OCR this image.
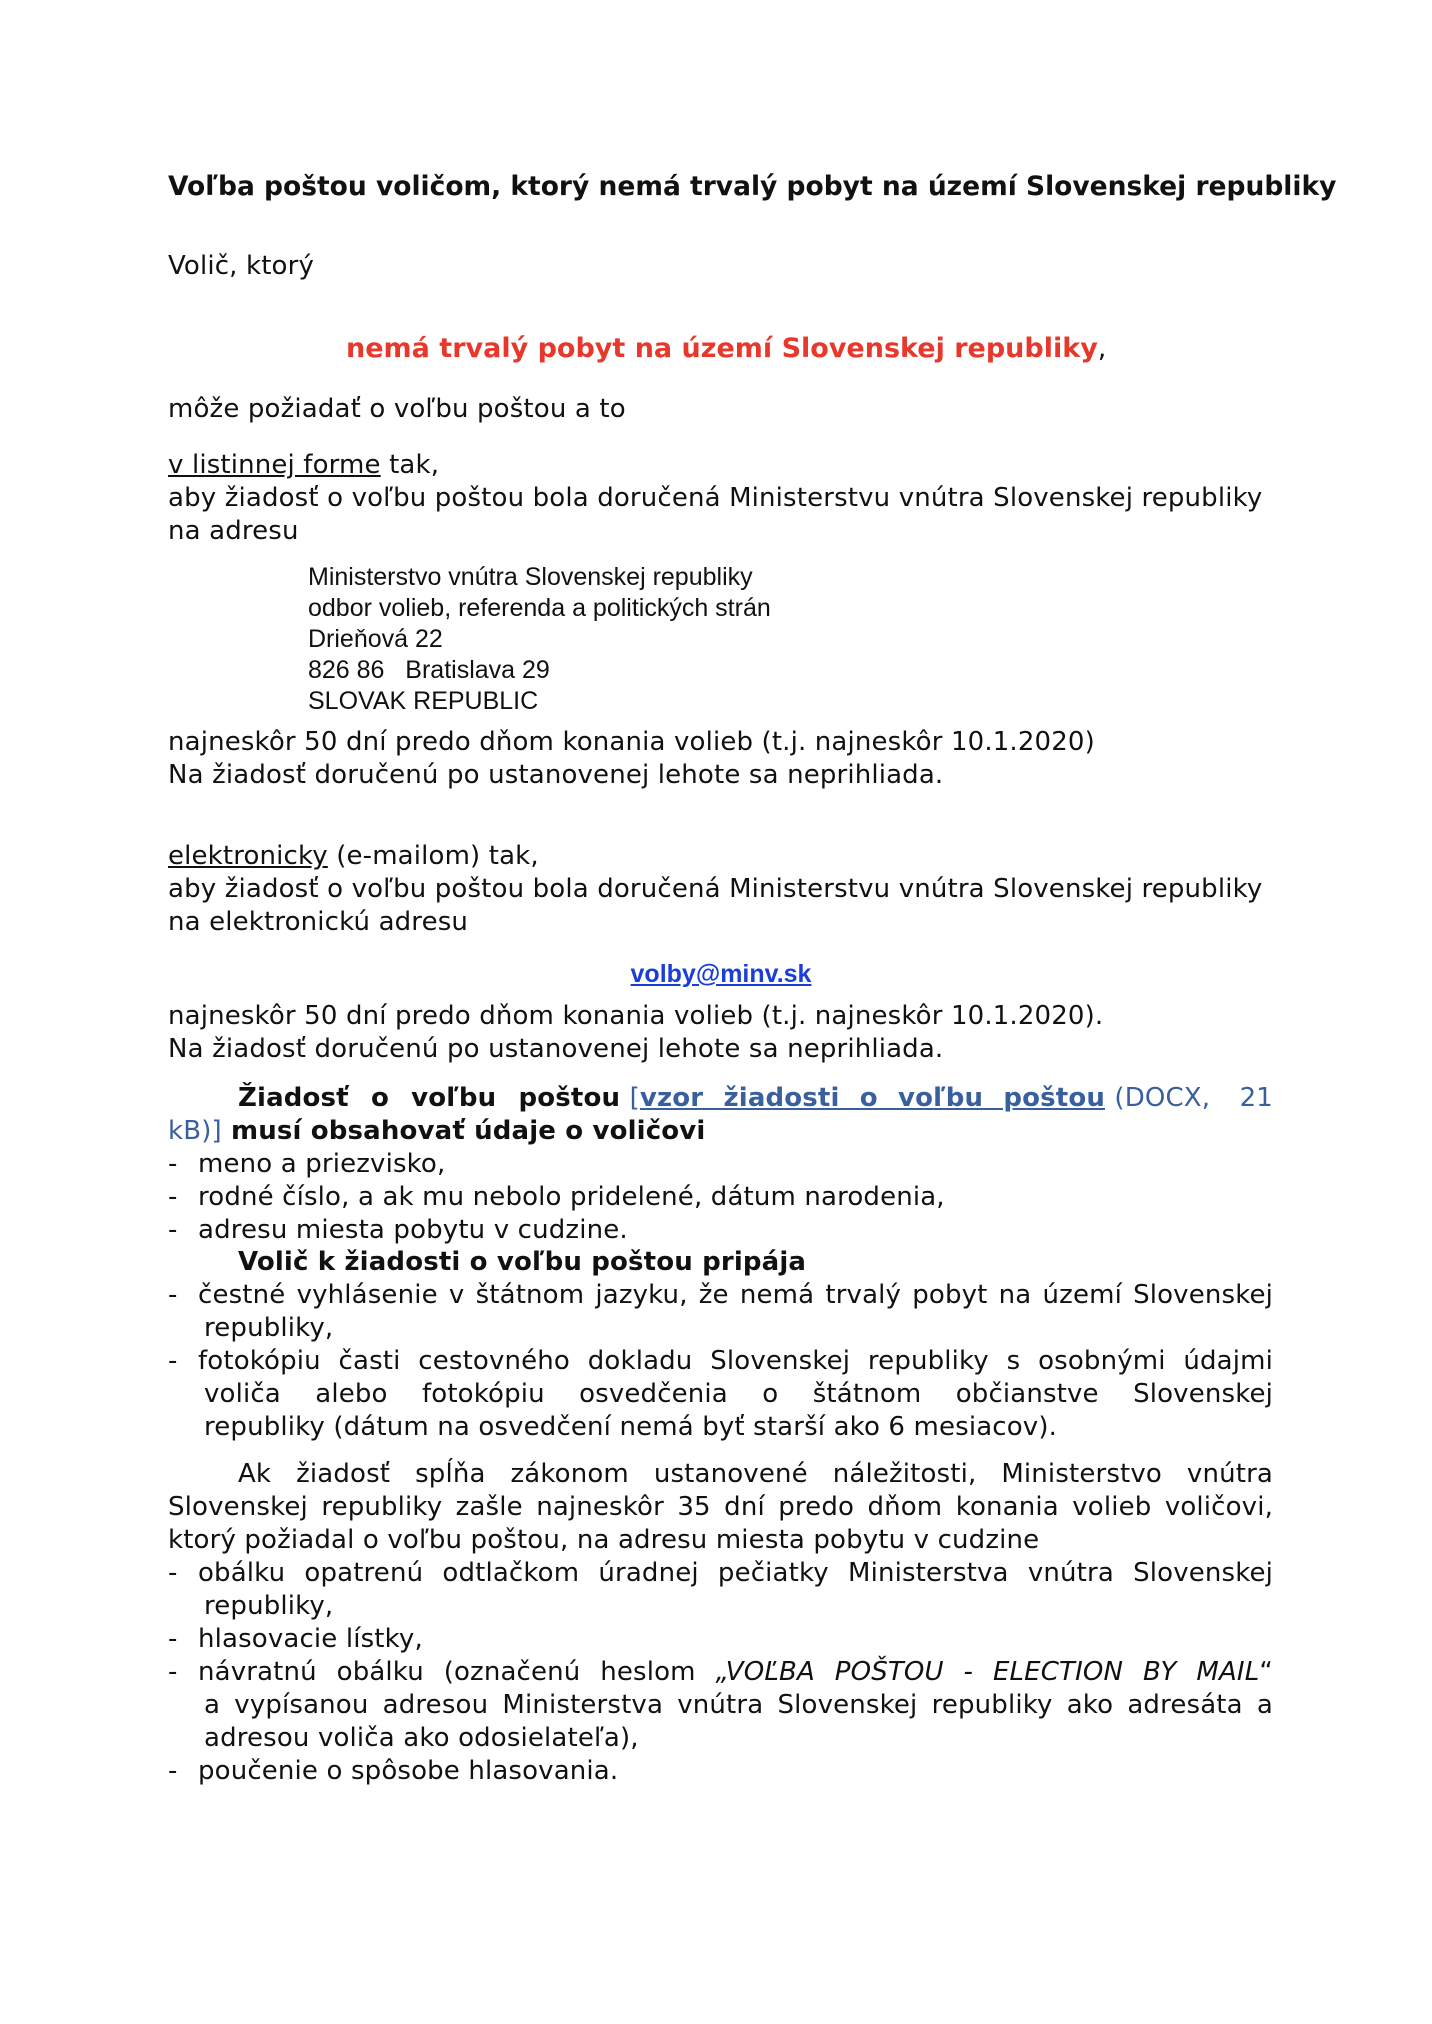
Voľba poštou voličom, ktorý nemá trvalý pobyt na území Slovenskej republiky
Volič, ktorý
nemá trvalý pobyt na území Slovenskej republiky,
môže požiadať o voľbu poštou a to
v listinnej forme tak,
aby žiadosť o voľbu poštou bola doručená Ministerstvu vnútra Slovenskej republiky
na adresu
Ministerstvo vnútra Slovenskej republiky
odbor volieb, referenda a politických strán
Drieňová 22
826 86   Bratislava 29
SLOVAK REPUBLIC
najneskôr 50 dní predo dňom konania volieb (t.j. najneskôr 10.1.2020)
Na žiadosť doručenú po ustanovenej lehote sa neprihliada.
elektronicky (e-mailom) tak,
aby žiadosť o voľbu poštou bola doručená Ministerstvu vnútra Slovenskej republiky
na elektronickú adresu
volby@minv.sk
najneskôr 50 dní predo dňom konania volieb (t.j. najneskôr 10.1.2020).
Na žiadosť doručenú po ustanovenej lehote sa neprihliada.
Žiadosť o voľbu poštou [vzor žiadosti o voľbu poštou (DOCX, 21
kB)] musí obsahovať údaje o voličovi
- meno a priezvisko,
- rodné číslo, a ak mu nebolo pridelené, dátum narodenia,
- adresu miesta pobytu v cudzine.
Volič k žiadosti o voľbu poštou pripája
- čestné vyhlásenie v štátnom jazyku, že nemá trvalý pobyt na území Slovenskej
republiky,
- fotokópiu časti cestovného dokladu Slovenskej republiky s osobnými údajmi
voliča alebo fotokópiu osvedčenia o štátnom občianstve Slovenskej
republiky (dátum na osvedčení nemá byť starší ako 6 mesiacov).
Ak žiadosť spĺňa zákonom ustanovené náležitosti, Ministerstvo vnútra
Slovenskej republiky zašle najneskôr 35 dní predo dňom konania volieb voličovi,
ktorý požiadal o voľbu poštou, na adresu miesta pobytu v cudzine
- obálku opatrenú odtlačkom úradnej pečiatky Ministerstva vnútra Slovenskej
republiky,
- hlasovacie lístky,
- návratnú obálku (označenú heslom „VOĽBA POŠTOU - ELECTION BY MAIL“
a vypísanou adresou Ministerstva vnútra Slovenskej republiky ako adresáta a
adresou voliča ako odosielateľa),
- poučenie o spôsobe hlasovania.
